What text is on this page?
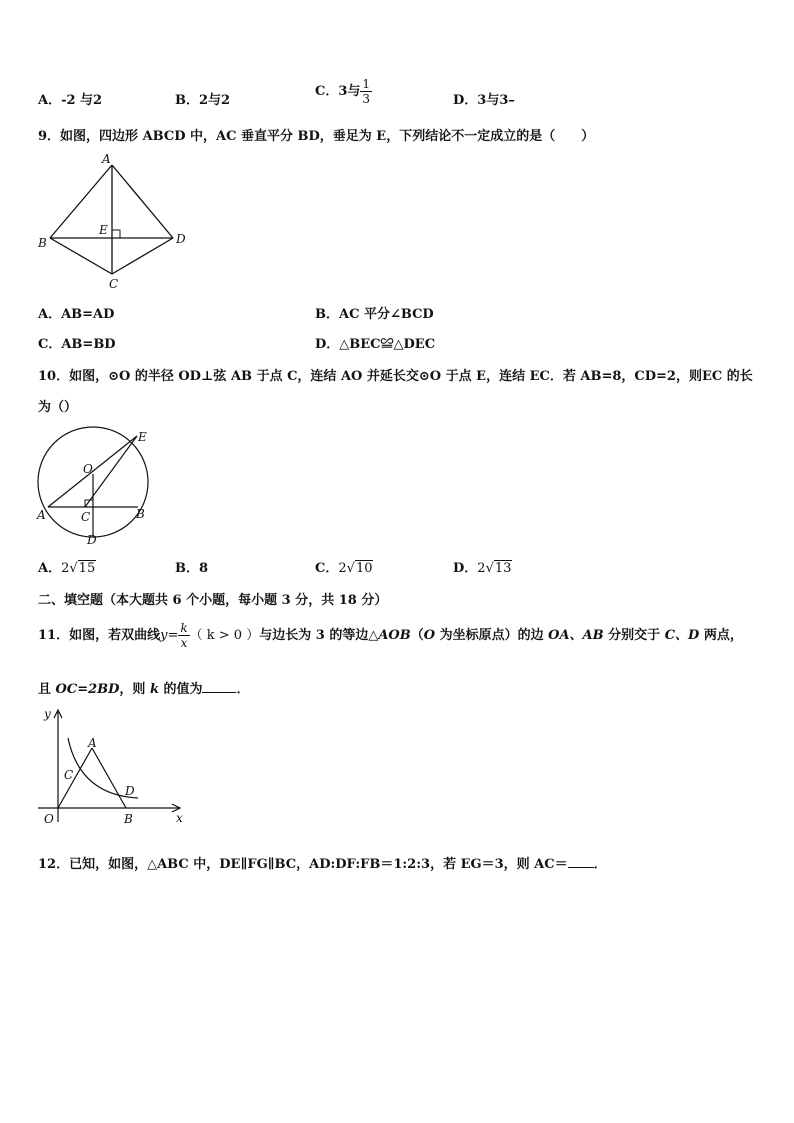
A．-2 与2	B．2与2
C．3与 $\frac{1}{3}$	D．3与3–
9．如图，四边形 ABCD 中，AC 垂直平分 BD，垂足为 E，下列结论不一定成立的是（　　）
A
B	D
C
E
A．AB=AD	B．AC 平分∠BCD
C．AB=BD	D．△BEC≌△DEC
10．如图，⊙O 的半径 OD⊥弦 AB 于点 C，连结 AO 并延长交⊙O 于点 E，连结 EC．若 AB=8，CD=2，则EC 的长
为（）
O
E
A	C	B
D
A．2√15	B．8	C．2√10	D．2√13
二、填空题（本大题共 6 个小题，每小题 3 分，共 18 分）
11．如图，若双曲线$y= \frac{k}{x}$ （ k > 0 ）与边长为 3 的等边△AOB（O 为坐标原点）的边 OA、AB 分别交于 C、D 两点，
且 OC=2BD，则 k 的值为	．
y
x
O
A
B
C
D
12．已知，如图，△ABC 中，DE∥FG∥BC，AD:DF:FB＝1:2:3，若 EG＝3，则 AC＝ ．
